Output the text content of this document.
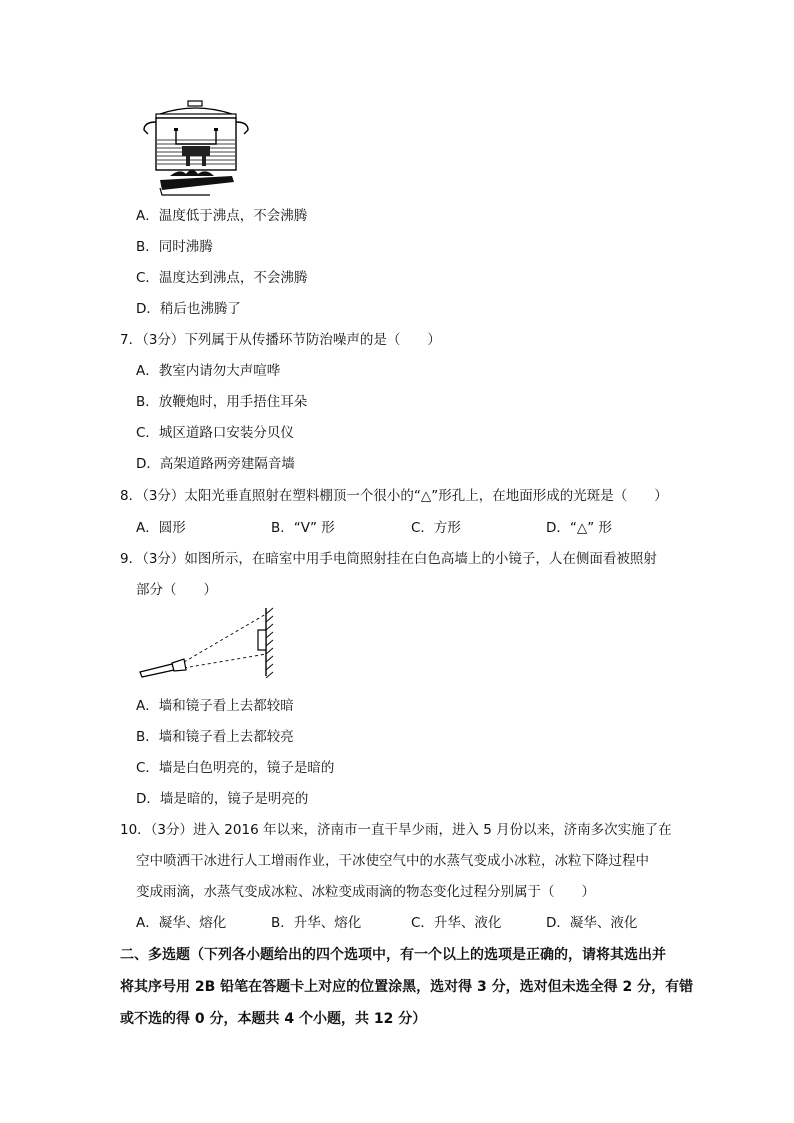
A．温度低于沸点，不会沸腾
B．同时沸腾
C．温度达到沸点，不会沸腾
D．稍后也沸腾了
7．（3分）下列属于从传播环节防治噪声的是（　　）
A．教室内请勿大声喧哗
B．放鞭炮时，用手捂住耳朵
C．城区道路口安装分贝仪
D．高架道路两旁建隔音墙
8．（3分）太阳光垂直照射在塑料棚顶一个很小的“△”形孔上，在地面形成的光斑是（　　）
A．圆形	B．“V” 形	C．方形	D．“△” 形
9．（3分）如图所示，在暗室中用手电筒照射挂在白色高墙上的小镜子，人在侧面看被照射
部分（　　）
A．墙和镜子看上去都较暗
B．墙和镜子看上去都较亮
C．墙是白色明亮的，镜子是暗的
D．墙是暗的，镜子是明亮的
10．（3分）进入 2016 年以来，济南市一直干旱少雨，进入 5 月份以来，济南多次实施了在
空中喷洒干冰进行人工增雨作业，干冰使空气中的水蒸气变成小冰粒，冰粒下降过程中
变成雨滴，水蒸气变成冰粒、冰粒变成雨滴的物态变化过程分别属于（　　）
A．凝华、熔化	B．升华、熔化	C．升华、液化	D．凝华、液化
二、多选题（下列各小题给出的四个选项中，有一个以上的选项是正确的，请将其选出并
将其序号用 2B 铅笔在答题卡上对应的位置涂黑，选对得 3 分，选对但未选全得 2 分，有错
或不选的得 0 分，本题共 4 个小题，共 12 分）
